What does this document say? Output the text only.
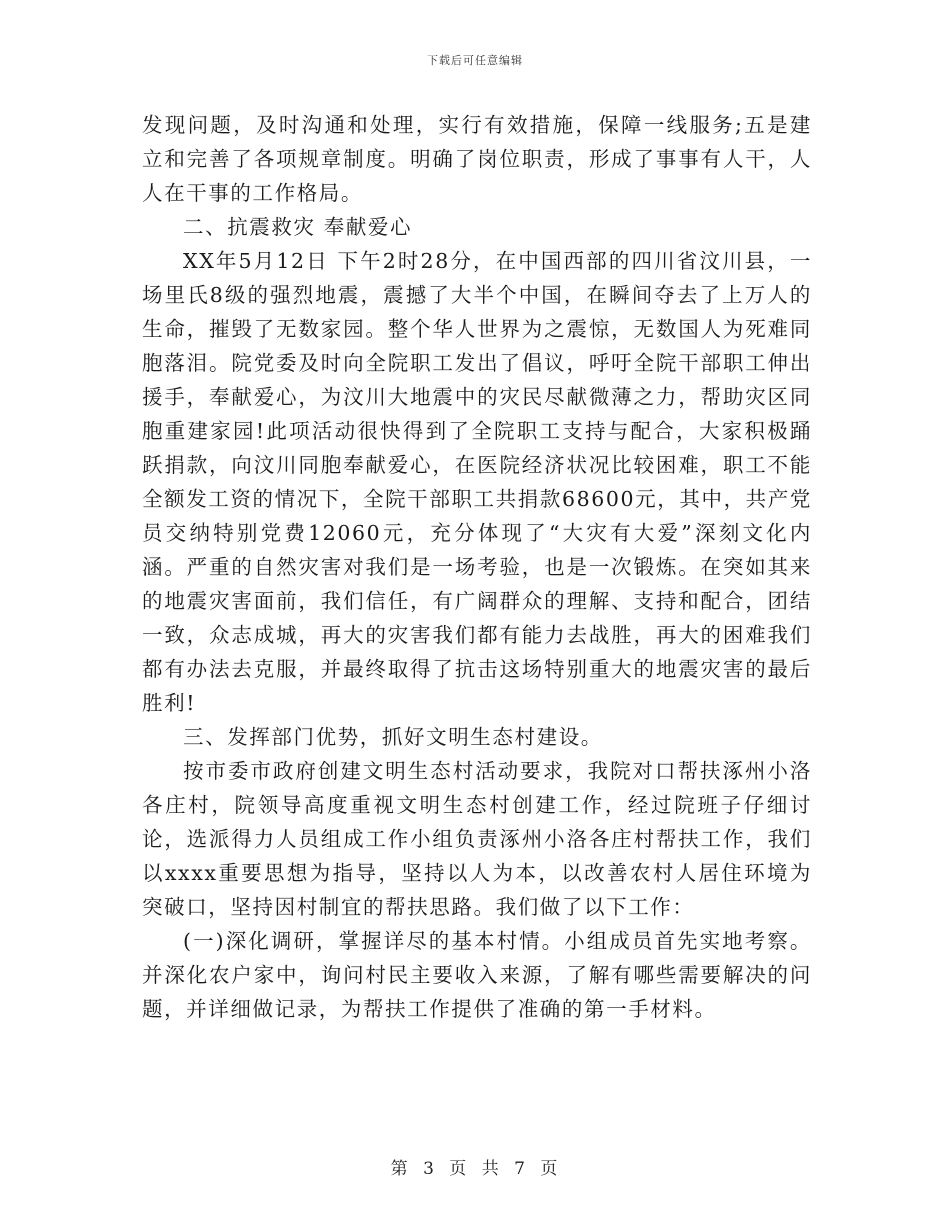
下载后可任意编辑

发现问题，及时沟通和处理，实行有效措施，保障一线服务;五是建立和完善了各项规章制度。明确了岗位职责，形成了事事有人干，人人在干事的工作格局。

二、抗震救灾 奉献爱心

XX年5月12日 下午2时28分，在中国西部的四川省汶川县，一场里氏8级的强烈地震，震撼了大半个中国，在瞬间夺去了上万人的生命，摧毁了无数家园。整个华人世界为之震惊，无数国人为死难同胞落泪。院党委及时向全院职工发出了倡议，呼吁全院干部职工伸出援手，奉献爱心，为汶川大地震中的灾民尽献微薄之力，帮助灾区同胞重建家园!此项活动很快得到了全院职工支持与配合，大家积极踊跃捐款，向汶川同胞奉献爱心，在医院经济状况比较困难，职工不能全额发工资的情况下，全院干部职工共捐款68600元，其中，共产党员交纳特别党费12060元，充分体现了“大灾有大爱”深刻文化内涵。严重的自然灾害对我们是一场考验，也是一次锻炼。在突如其来的地震灾害面前，我们信任，有广阔群众的理解、支持和配合，团结一致，众志成城，再大的灾害我们都有能力去战胜，再大的困难我们都有办法去克服，并最终取得了抗击这场特别重大的地震灾害的最后胜利!

三、发挥部门优势，抓好文明生态村建设。

按市委市政府创建文明生态村活动要求，我院对口帮扶涿州小洛各庄村，院领导高度重视文明生态村创建工作，经过院班子仔细讨论，选派得力人员组成工作小组负责涿州小洛各庄村帮扶工作，我们以xxxx重要思想为指导，坚持以人为本，以改善农村人居住环境为突破口，坚持因村制宜的帮扶思路。我们做了以下工作：

(一)深化调研，掌握详尽的基本村情。小组成员首先实地考察。并深化农户家中，询问村民主要收入来源，了解有哪些需要解决的问题，并详细做记录，为帮扶工作提供了准确的第一手材料。

第 3 页 共 7 页
